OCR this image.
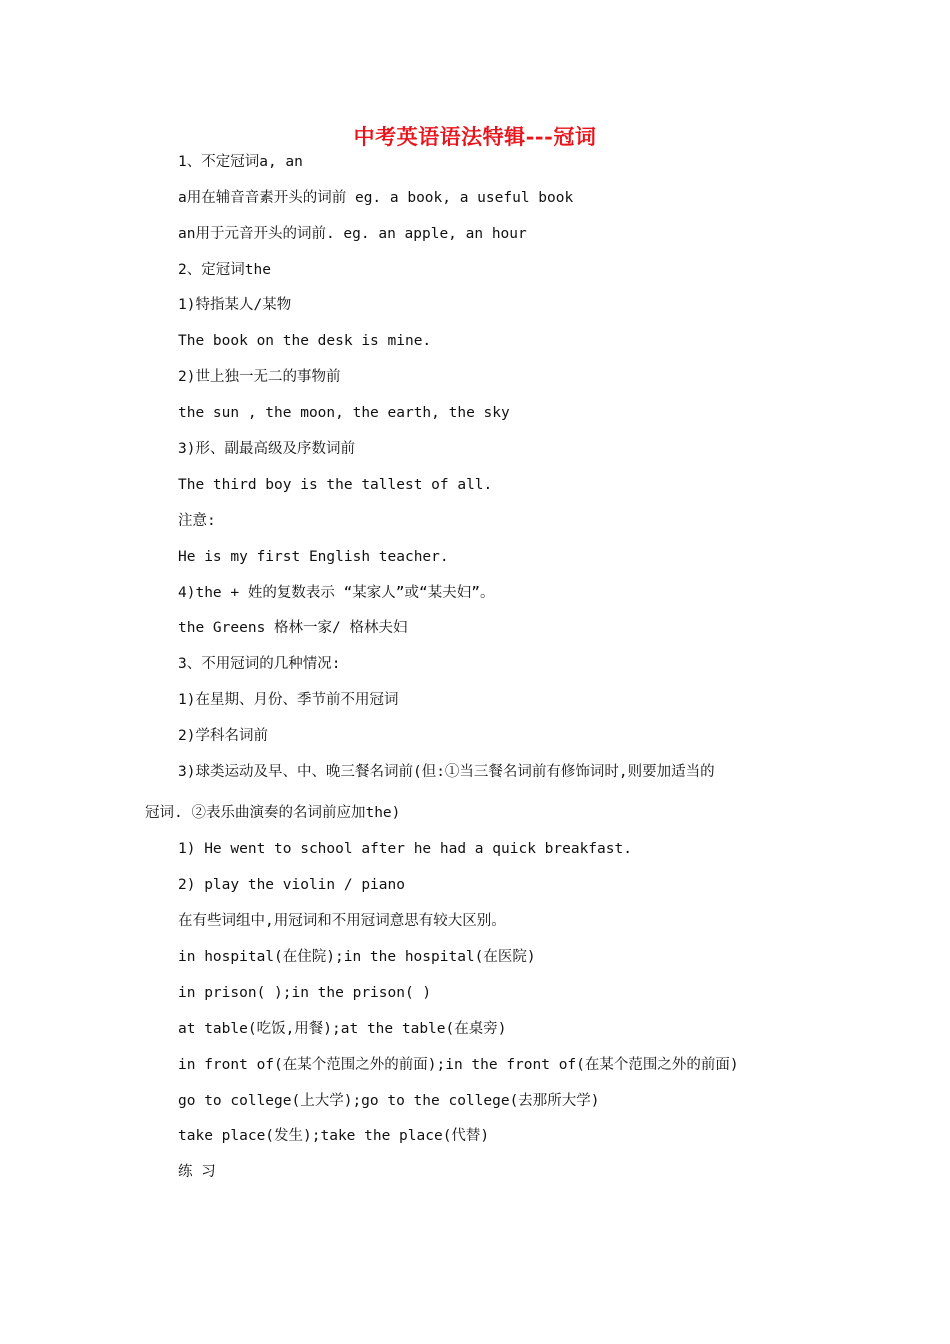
中考英语语法特辑---冠词
1、不定冠词a, an
a用在辅音音素开头的词前 eg. a book, a useful book
an用于元音开头的词前. eg. an apple, an hour
2、定冠词the
1)特指某人/某物
The book on the desk is mine.
2)世上独一无二的事物前
the sun , the moon, the earth, the sky
3)形、副最高级及序数词前
The third boy is the tallest of all.
注意:
He is my first English teacher.
4)the + 姓的复数表示 “某家人”或“某夫妇”。
the Greens 格林一家/ 格林夫妇
3、不用冠词的几种情况:
1)在星期、月份、季节前不用冠词
2)学科名词前
3)球类运动及早、中、晚三餐名词前(但:①当三餐名词前有修饰词时,则要加适当的
冠词. ②表乐曲演奏的名词前应加the)
1) He went to school after he had a quick breakfast.
2) play the violin / piano
在有些词组中,用冠词和不用冠词意思有较大区别。
in hospital(在住院);in the hospital(在医院)
in prison( );in the prison( )
at table(吃饭,用餐);at the table(在桌旁)
in front of(在某个范围之外的前面);in the front of(在某个范围之外的前面)
go to college(上大学);go to the college(去那所大学)
take place(发生);take the place(代替)
练 习
